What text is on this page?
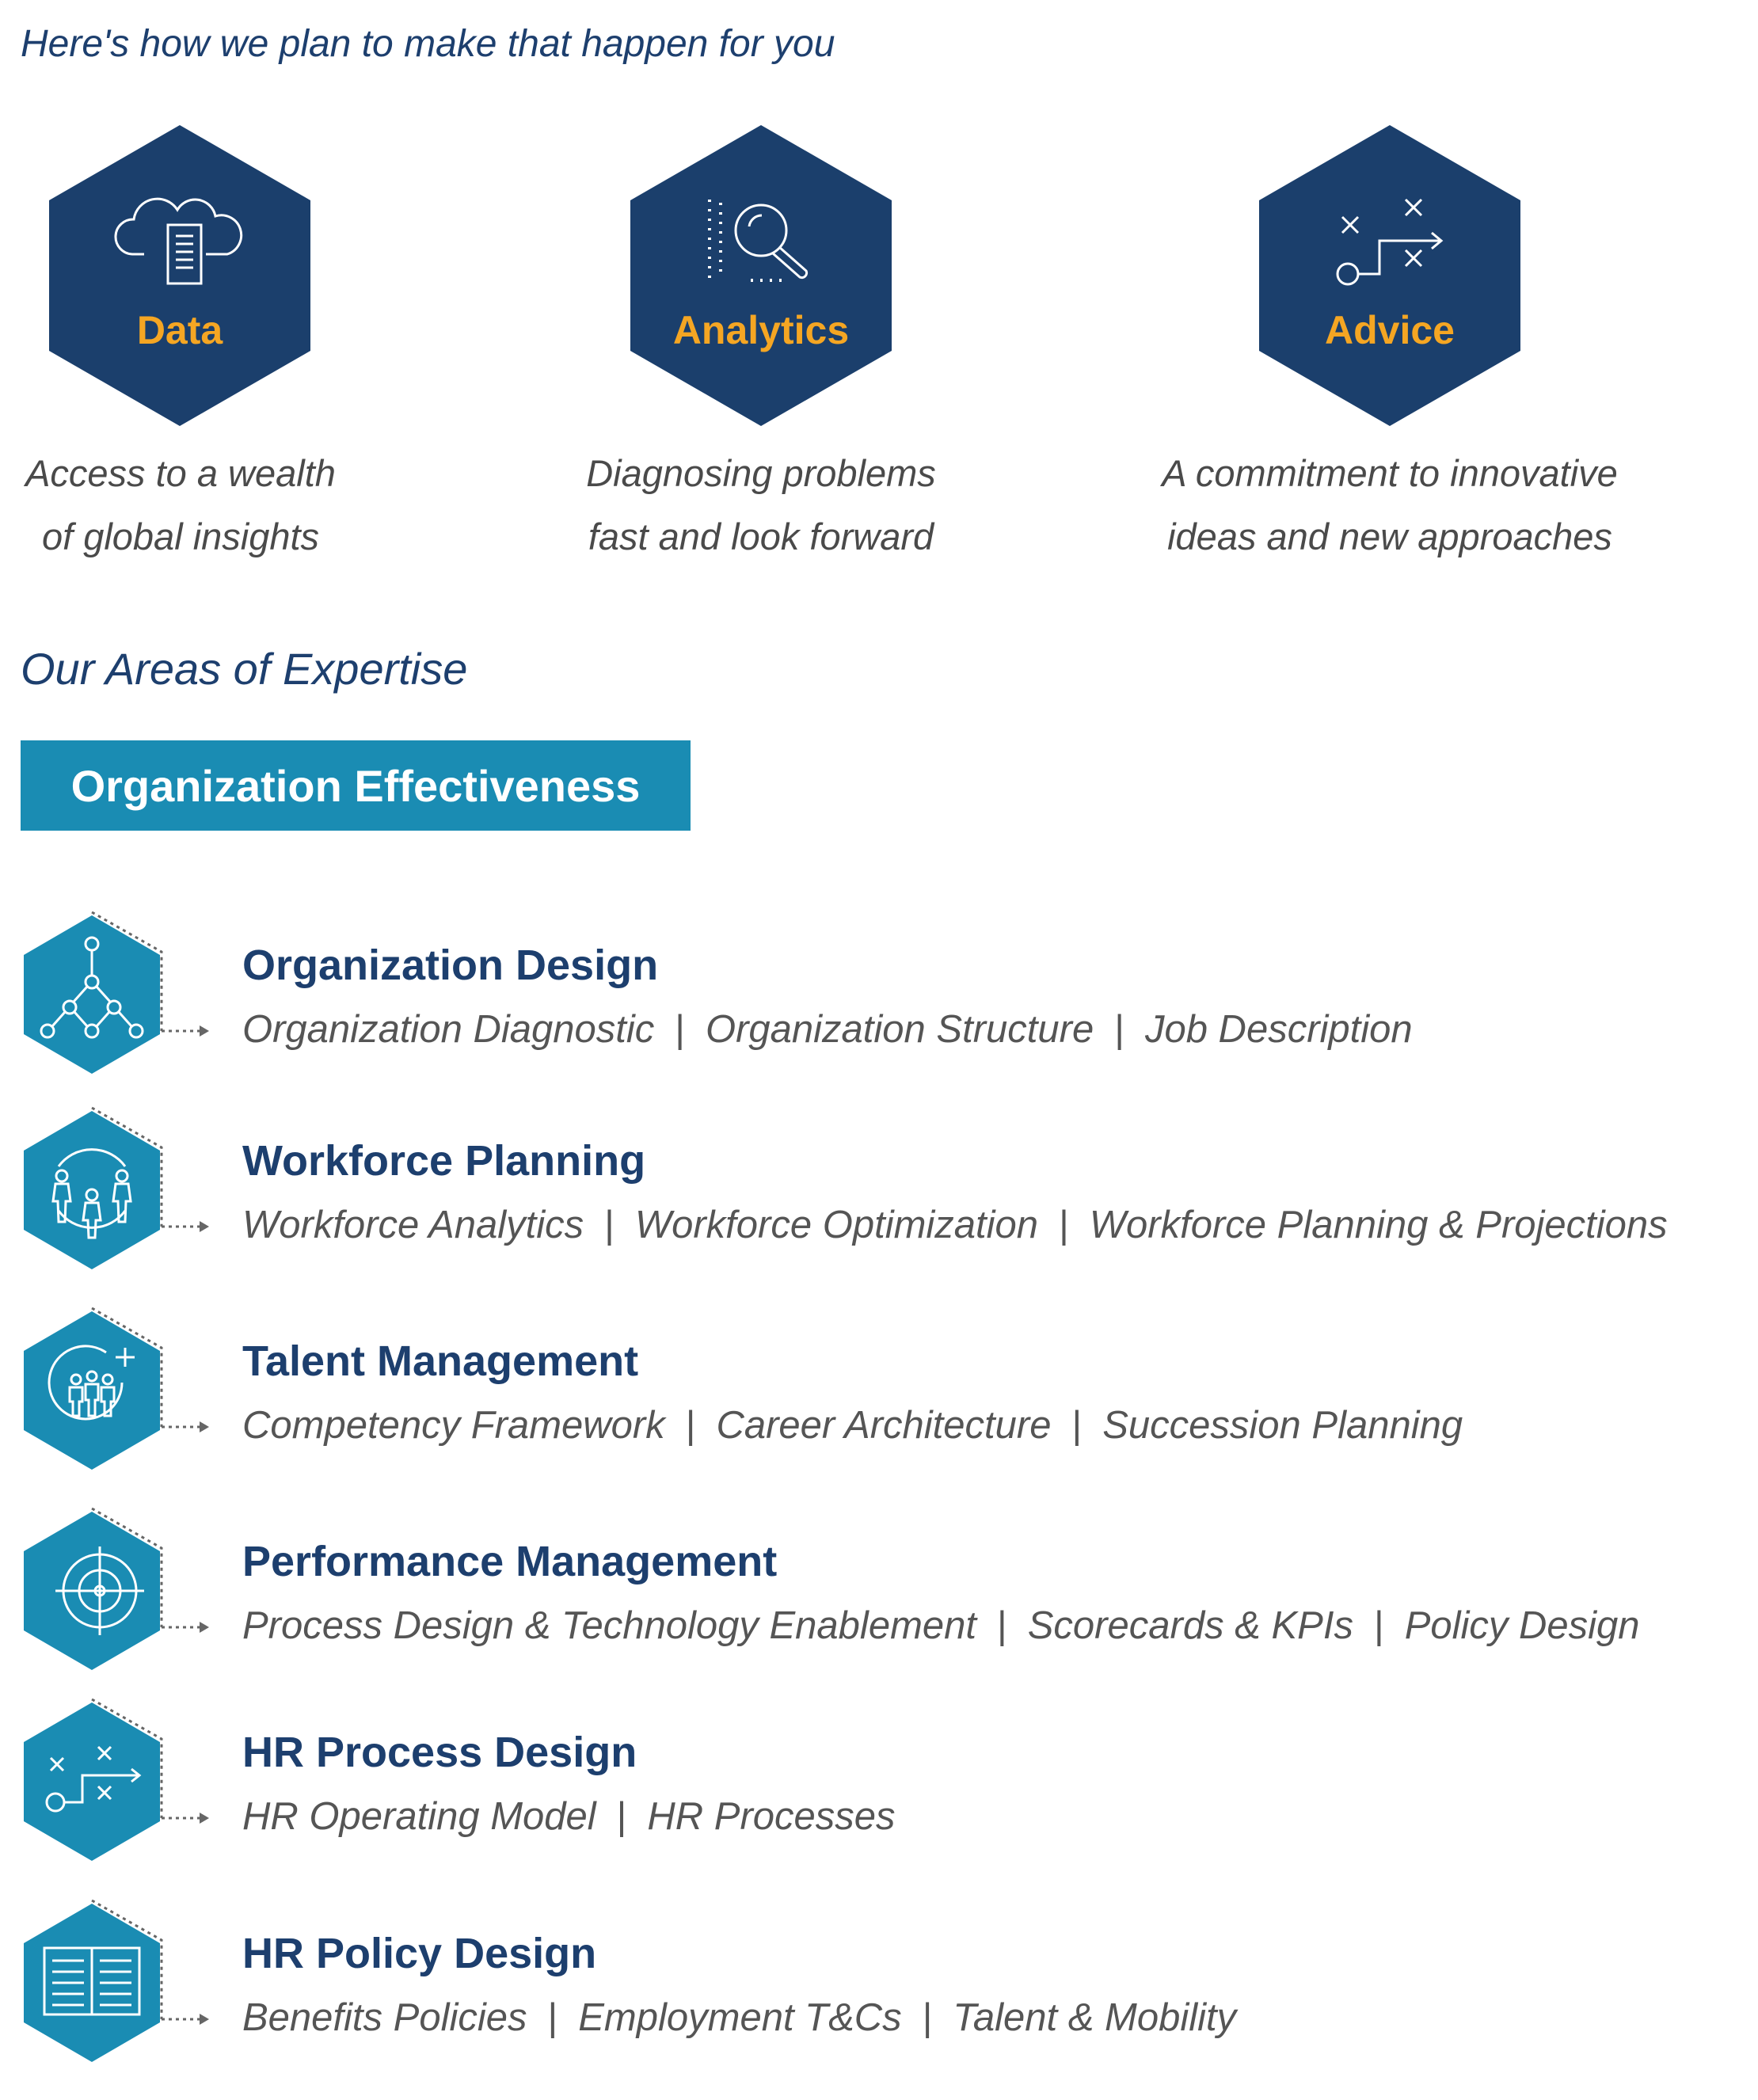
Here's how we plan to make that happen for you
Data
Access to a wealth
of global insights
Analytics
Diagnosing problems
fast and look forward
Advice
A commitment to innovative
ideas and new approaches
Our Areas of Expertise
Organization Effectiveness
Organization Design
Organization Diagnostic | Organization Structure | Job Description
Workforce Planning
Workforce Analytics | Workforce Optimization | Workforce Planning & Projections
Talent Management
Competency Framework | Career Architecture | Succession Planning
Performance Management
Process Design & Technology Enablement | Scorecards & KPIs | Policy Design
HR Process Design
HR Operating Model | HR Processes
HR Policy Design
Benefits Policies | Employment T&Cs | Talent & Mobility
